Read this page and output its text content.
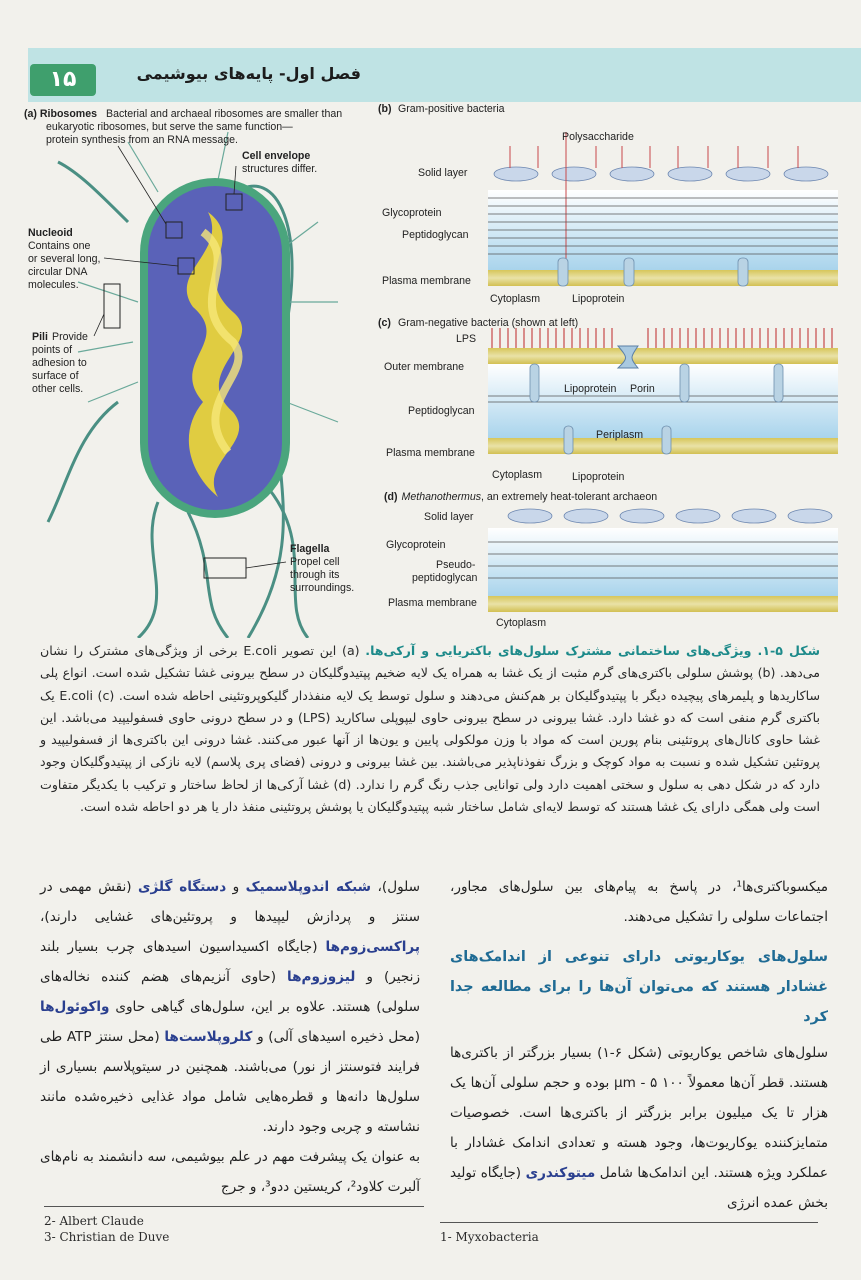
۱۵	فصل اول- پایه‌های بیوشیمی
(a) Ribosomes Bacterial and archaeal ribosomes are smaller than
eukaryotic ribosomes, but serve the same function—
protein synthesis from an RNA message.
Cell envelope
structures differ.
Nucleoid
Contains one
or several long,
circular DNA
molecules.
Pili Provide
points of
adhesion to
surface of
other cells.
Flagella
Propel cell
through its
surroundings.
(b) Gram-positive bacteria
Polysaccharide
Solid layer
Glycoprotein
Peptidoglycan
Plasma membrane
Cytoplasm	Lipoprotein
(c) Gram-negative bacteria (shown at left)
LPS
Outer membrane
Lipoprotein Porin
Peptidoglycan
Periplasm
Plasma membrane
Cytoplasm	Lipoprotein
(d) Methanothermus, an extremely heat-tolerant archaeon
Solid layer
Glycoprotein
Pseudo-
peptidoglycan
Plasma membrane
Cytoplasm
شکل ۵-۱. ویژگی‌های ساختمانی مشترک سلول‌های باکتریایی و آرکی‌ها. (a) این تصویر E.coli برخی از ویژگی‌های مشترک را نشان می‌دهد. (b) پوشش سلولی باکتری‌های گرم مثبت از یک غشا به همراه یک لایه ضخیم پپتیدوگلیکان در سطح بیرونی غشا تشکیل شده است. انواع پلی ساکاریدها و پلیمرهای پیچیده دیگر با پپتیدوگلیکان بر هم‌کنش می‌دهند و سلول توسط یک لایه منفذدار گلیکوپروتئینی احاطه شده است. (c) E.coli یک باکتری گرم منفی است که دو غشا دارد. غشا بیرونی در سطح بیرونی حاوی لیپوپلی ساکارید (LPS) و در سطح درونی حاوی فسفولیپید می‌باشد. این غشا حاوی کانال‌های پروتئینی بنام پورین است که مواد با وزن مولکولی پایین و یون‌ها از آنها عبور می‌کنند. غشا درونی این باکتری‌ها از فسفولیپید و پروتئین تشکیل شده و نسبت به مواد کوچک و بزرگ نفوذناپذیر می‌باشند. بین غشا بیرونی و درونی (فضای پری پلاسم) لایه نازکی از پپتیدوگلیکان وجود دارد که در شکل دهی به سلول و سختی اهمیت دارد ولی توانایی جذب رنگ گرم را ندارد. (d) غشا آرکی‌ها از لحاظ ساختار و ترکیب با یکدیگر متفاوت است ولی همگی دارای یک غشا هستند که توسط لایه‌ای شامل ساختار شبه پپتیدوگلیکان یا پوشش پروتئینی منفذ دار یا هر دو احاطه شده است.
میکسوباکتری‌ها¹، در پاسخ به پیام‌های بین سلول‌های مجاور، اجتماعات سلولی را تشکیل می‌دهند.
سلول‌های یوکاریوتی دارای تنوعی از اندامک‌های غشادار هستند که می‌توان آن‌ها را برای مطالعه جدا کرد
سلول‌های شاخص یوکاریوتی (شکل ۶-۱) بسیار بزرگتر از باکتری‌ها هستند. قطر آن‌ها معمولاً ۱۰۰ μm - ۵ بوده و حجم سلولی آن‌ها یک هزار تا یک میلیون برابر بزرگتر از باکتری‌ها است. خصوصیات متمایزکننده یوکاریوت‌ها، وجود هسته و تعدادی اندامک غشادار با عملکرد ویژه هستند. این اندامک‌ها شامل میتوکندری (جایگاه تولید بخش عمده انرژی
سلول)، شبکه اندوپلاسمیک و دستگاه گلژی (نقش مهمی در سنتز و پردازش لیپیدها و پروتئین‌های غشایی دارند)، پراکسی‌زوم‌ها (جایگاه اکسیداسیون اسیدهای چرب بسیار بلند زنجیر) و لیزوزوم‌ها (حاوی آنزیم‌های هضم کننده نخاله‌های سلولی) هستند. علاوه بر این، سلول‌های گیاهی حاوی واکوئول‌ها (محل ذخیره اسیدهای آلی) و کلروپلاست‌ها (محل سنتز ATP طی فرایند فتوسنتز از نور) می‌باشند. همچنین در سیتوپلاسم بسیاری از سلول‌ها دانه‌ها و قطره‌هایی شامل مواد غذایی ذخیره‌شده مانند نشاسته و چربی وجود دارند.
به عنوان یک پیشرفت مهم در علم بیوشیمی، سه دانشمند به نام‌های آلبرت کلاود²، کریستین ددو³، و جرج
2- Albert Claude
3- Christian de Duve	1- Myxobacteria
